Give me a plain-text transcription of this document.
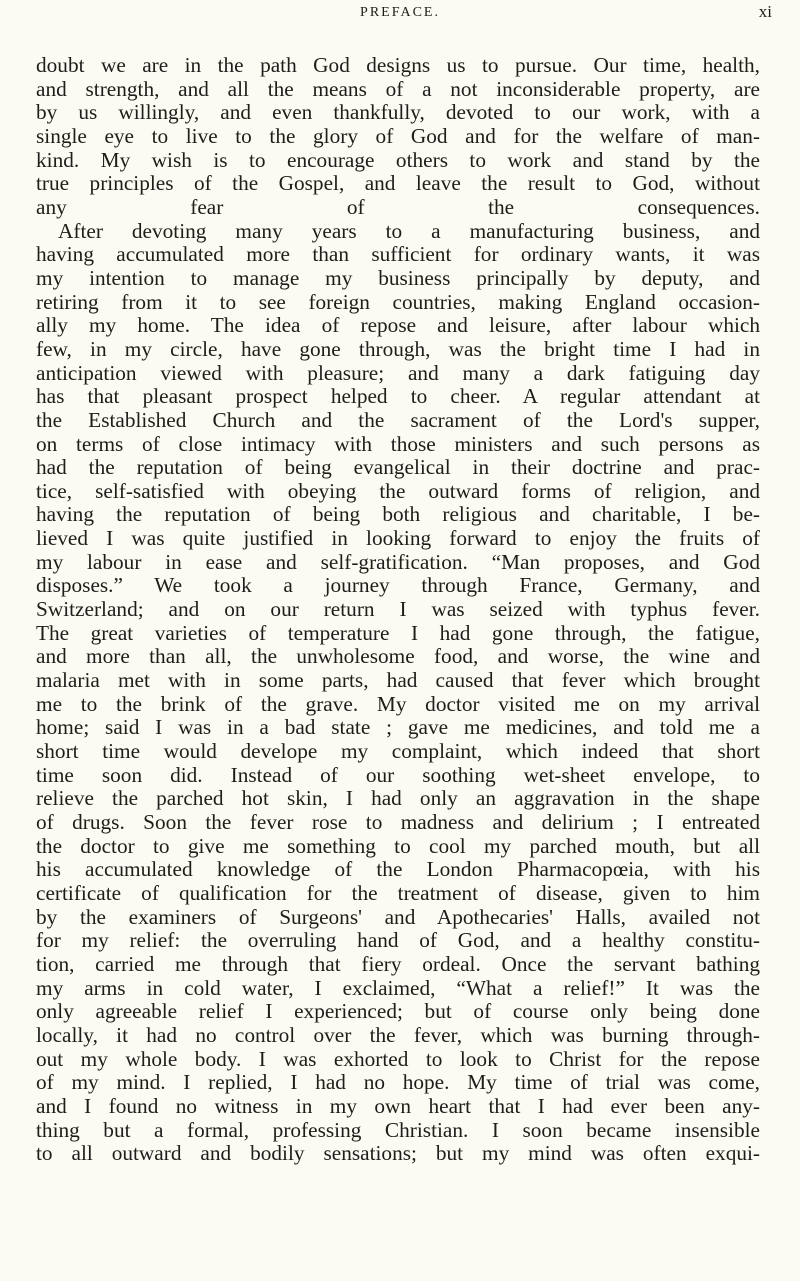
PREFACE.	xi
doubt we are in the path God designs us to pursue. Our time, health,
and strength, and all the means of a not inconsiderable property, are
by us willingly, and even thankfully, devoted to our work, with a
single eye to live to the glory of God and for the welfare of man-
kind. My wish is to encourage others to work and stand by the
true principles of the Gospel, and leave the result to God, without
any fear of the consequences.
After devoting many years to a manufacturing business, and
having accumulated more than sufficient for ordinary wants, it was
my intention to manage my business principally by deputy, and
retiring from it to see foreign countries, making England occasion-
ally my home. The idea of repose and leisure, after labour which
few, in my circle, have gone through, was the bright time I had in
anticipation viewed with pleasure; and many a dark fatiguing day
has that pleasant prospect helped to cheer. A regular attendant at
the Established Church and the sacrament of the Lord's supper,
on terms of close intimacy with those ministers and such persons as
had the reputation of being evangelical in their doctrine and prac-
tice, self-satisfied with obeying the outward forms of religion, and
having the reputation of being both religious and charitable, I be-
lieved I was quite justified in looking forward to enjoy the fruits of
my labour in ease and self-gratification. “Man proposes, and God
disposes.” We took a journey through France, Germany, and
Switzerland; and on our return I was seized with typhus fever.
The great varieties of temperature I had gone through, the fatigue,
and more than all, the unwholesome food, and worse, the wine and
malaria met with in some parts, had caused that fever which brought
me to the brink of the grave. My doctor visited me on my arrival
home; said I was in a bad state ; gave me medicines, and told me a
short time would develope my complaint, which indeed that short
time soon did. Instead of our soothing wet-sheet envelope, to
relieve the parched hot skin, I had only an aggravation in the shape
of drugs. Soon the fever rose to madness and delirium ; I entreated
the doctor to give me something to cool my parched mouth, but all
his accumulated knowledge of the London Pharmacopœia, with his
certificate of qualification for the treatment of disease, given to him
by the examiners of Surgeons' and Apothecaries' Halls, availed not
for my relief: the overruling hand of God, and a healthy constitu-
tion, carried me through that fiery ordeal. Once the servant bathing
my arms in cold water, I exclaimed, “What a relief!” It was the
only agreeable relief I experienced; but of course only being done
locally, it had no control over the fever, which was burning through-
out my whole body. I was exhorted to look to Christ for the repose
of my mind. I replied, I had no hope. My time of trial was come,
and I found no witness in my own heart that I had ever been any-
thing but a formal, professing Christian. I soon became insensible
to all outward and bodily sensations; but my mind was often exqui-
